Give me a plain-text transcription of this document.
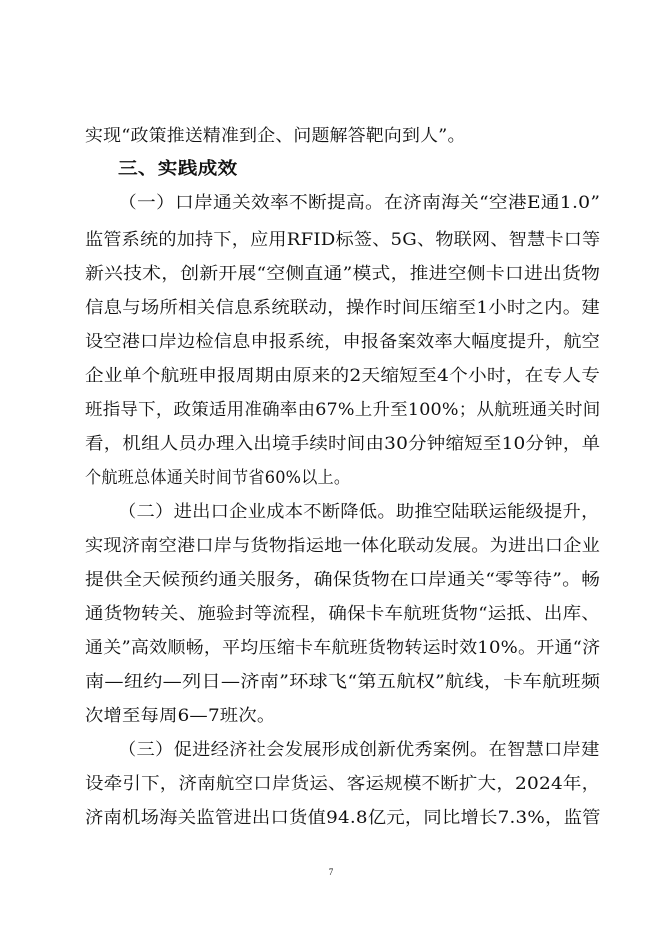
实现“政策推送精准到企、问题解答靶向到人”。
三、实践成效
（一）口岸通关效率不断提高。在济南海关“空港E通1.0”
监管系统的加持下，应用RFID标签、5G、物联网、智慧卡口等
新兴技术，创新开展“空侧直通”模式，推进空侧卡口进出货物
信息与场所相关信息系统联动，操作时间压缩至1小时之内。建
设空港口岸边检信息申报系统，申报备案效率大幅度提升，航空
企业单个航班申报周期由原来的2天缩短至4个小时，在专人专
班指导下，政策适用准确率由67%上升至100%；从航班通关时间
看，机组人员办理入出境手续时间由30分钟缩短至10分钟，单
个航班总体通关时间节省60%以上。
（二）进出口企业成本不断降低。助推空陆联运能级提升，
实现济南空港口岸与货物指运地一体化联动发展。为进出口企业
提供全天候预约通关服务，确保货物在口岸通关“零等待”。畅
通货物转关、施验封等流程，确保卡车航班货物“运抵、出库、
通关”高效顺畅，平均压缩卡车航班货物转运时效10%。开通“济
南—纽约—列日—济南”环球飞“第五航权”航线，卡车航班频
次增至每周6—7班次。
（三）促进经济社会发展形成创新优秀案例。在智慧口岸建
设牵引下，济南航空口岸货运、客运规模不断扩大，2024年，
济南机场海关监管进出口货值94.8亿元，同比增长7.3%，监管
7
